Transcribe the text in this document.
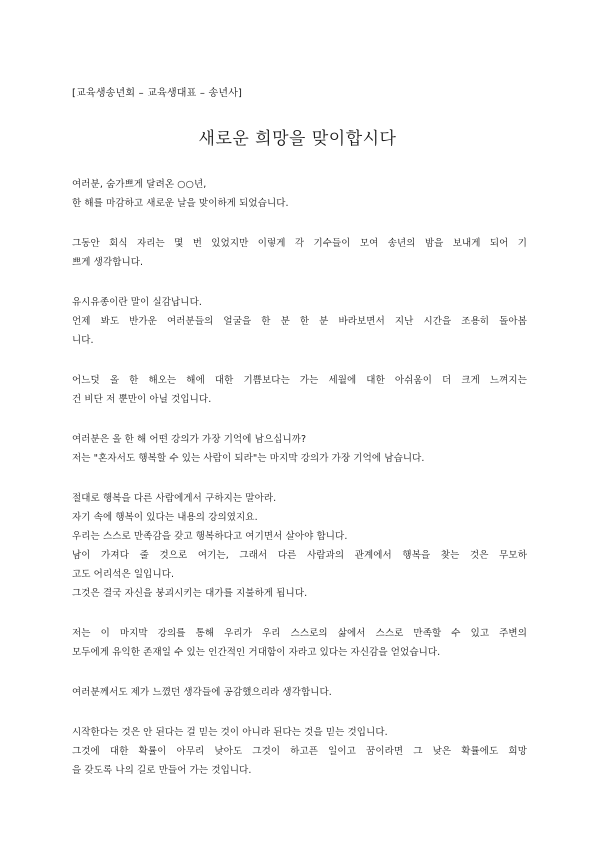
[교육생송년회 – 교육생대표 – 송년사]
새로운 희망을 맞이합시다
여러분, 숨가쁘게 달려온 ○○년,
한 해를 마감하고 새로운 날을 맞이하게 되었습니다.
그동안 회식 자리는 몇 번 있었지만 이렇게 각 기수들이 모여 송년의 밤을 보내게 되어 기
쁘게 생각합니다.
유시유종이란 말이 실감납니다.
언제 봐도 반가운 여러분들의 얼굴을 한 분 한 분 바라보면서 지난 시간을 조용히 돌아봅
니다.
어느덧 올 한 해오는 해에 대한 기쁨보다는 가는 세월에 대한 아쉬움이 더 크게 느껴지는
건 비단 저 뿐만이 아닐 것입니다.
여러분은 올 한 해 어떤 강의가 가장 기억에 남으십니까?
저는 "혼자서도 행복할 수 있는 사람이 되라"는 마지막 강의가 가장 기억에 남습니다.
절대로 행복을 다른 사람에게서 구하지는 말아라.
자기 속에 행복이 있다는 내용의 강의였지요.
우리는 스스로 만족감을 갖고 행복하다고 여기면서 살아야 합니다.
남이 가져다 줄 것으로 여기는, 그래서 다른 사람과의 관계에서 행복을 찾는 것은 무모하
고도 어리석은 일입니다.
그것은 결국 자신을 붕괴시키는 대가를 지불하게 됩니다.
저는 이 마지막 강의를 통해 우리가 우리 스스로의 삶에서 스스로 만족할 수 있고 주변의
모두에게 유익한 존재일 수 있는 인간적인 거대함이 자라고 있다는 자신감을 얻었습니다.
여러분께서도 제가 느꼈던 생각들에 공감했으리라 생각합니다.
시작한다는 것은 안 된다는 걸 믿는 것이 아니라 된다는 것을 믿는 것입니다.
그것에 대한 확률이 아무리 낮아도 그것이 하고픈 일이고 꿈이라면 그 낮은 확률에도 희망
을 갖도록 나의 길로 만들어 가는 것입니다.
